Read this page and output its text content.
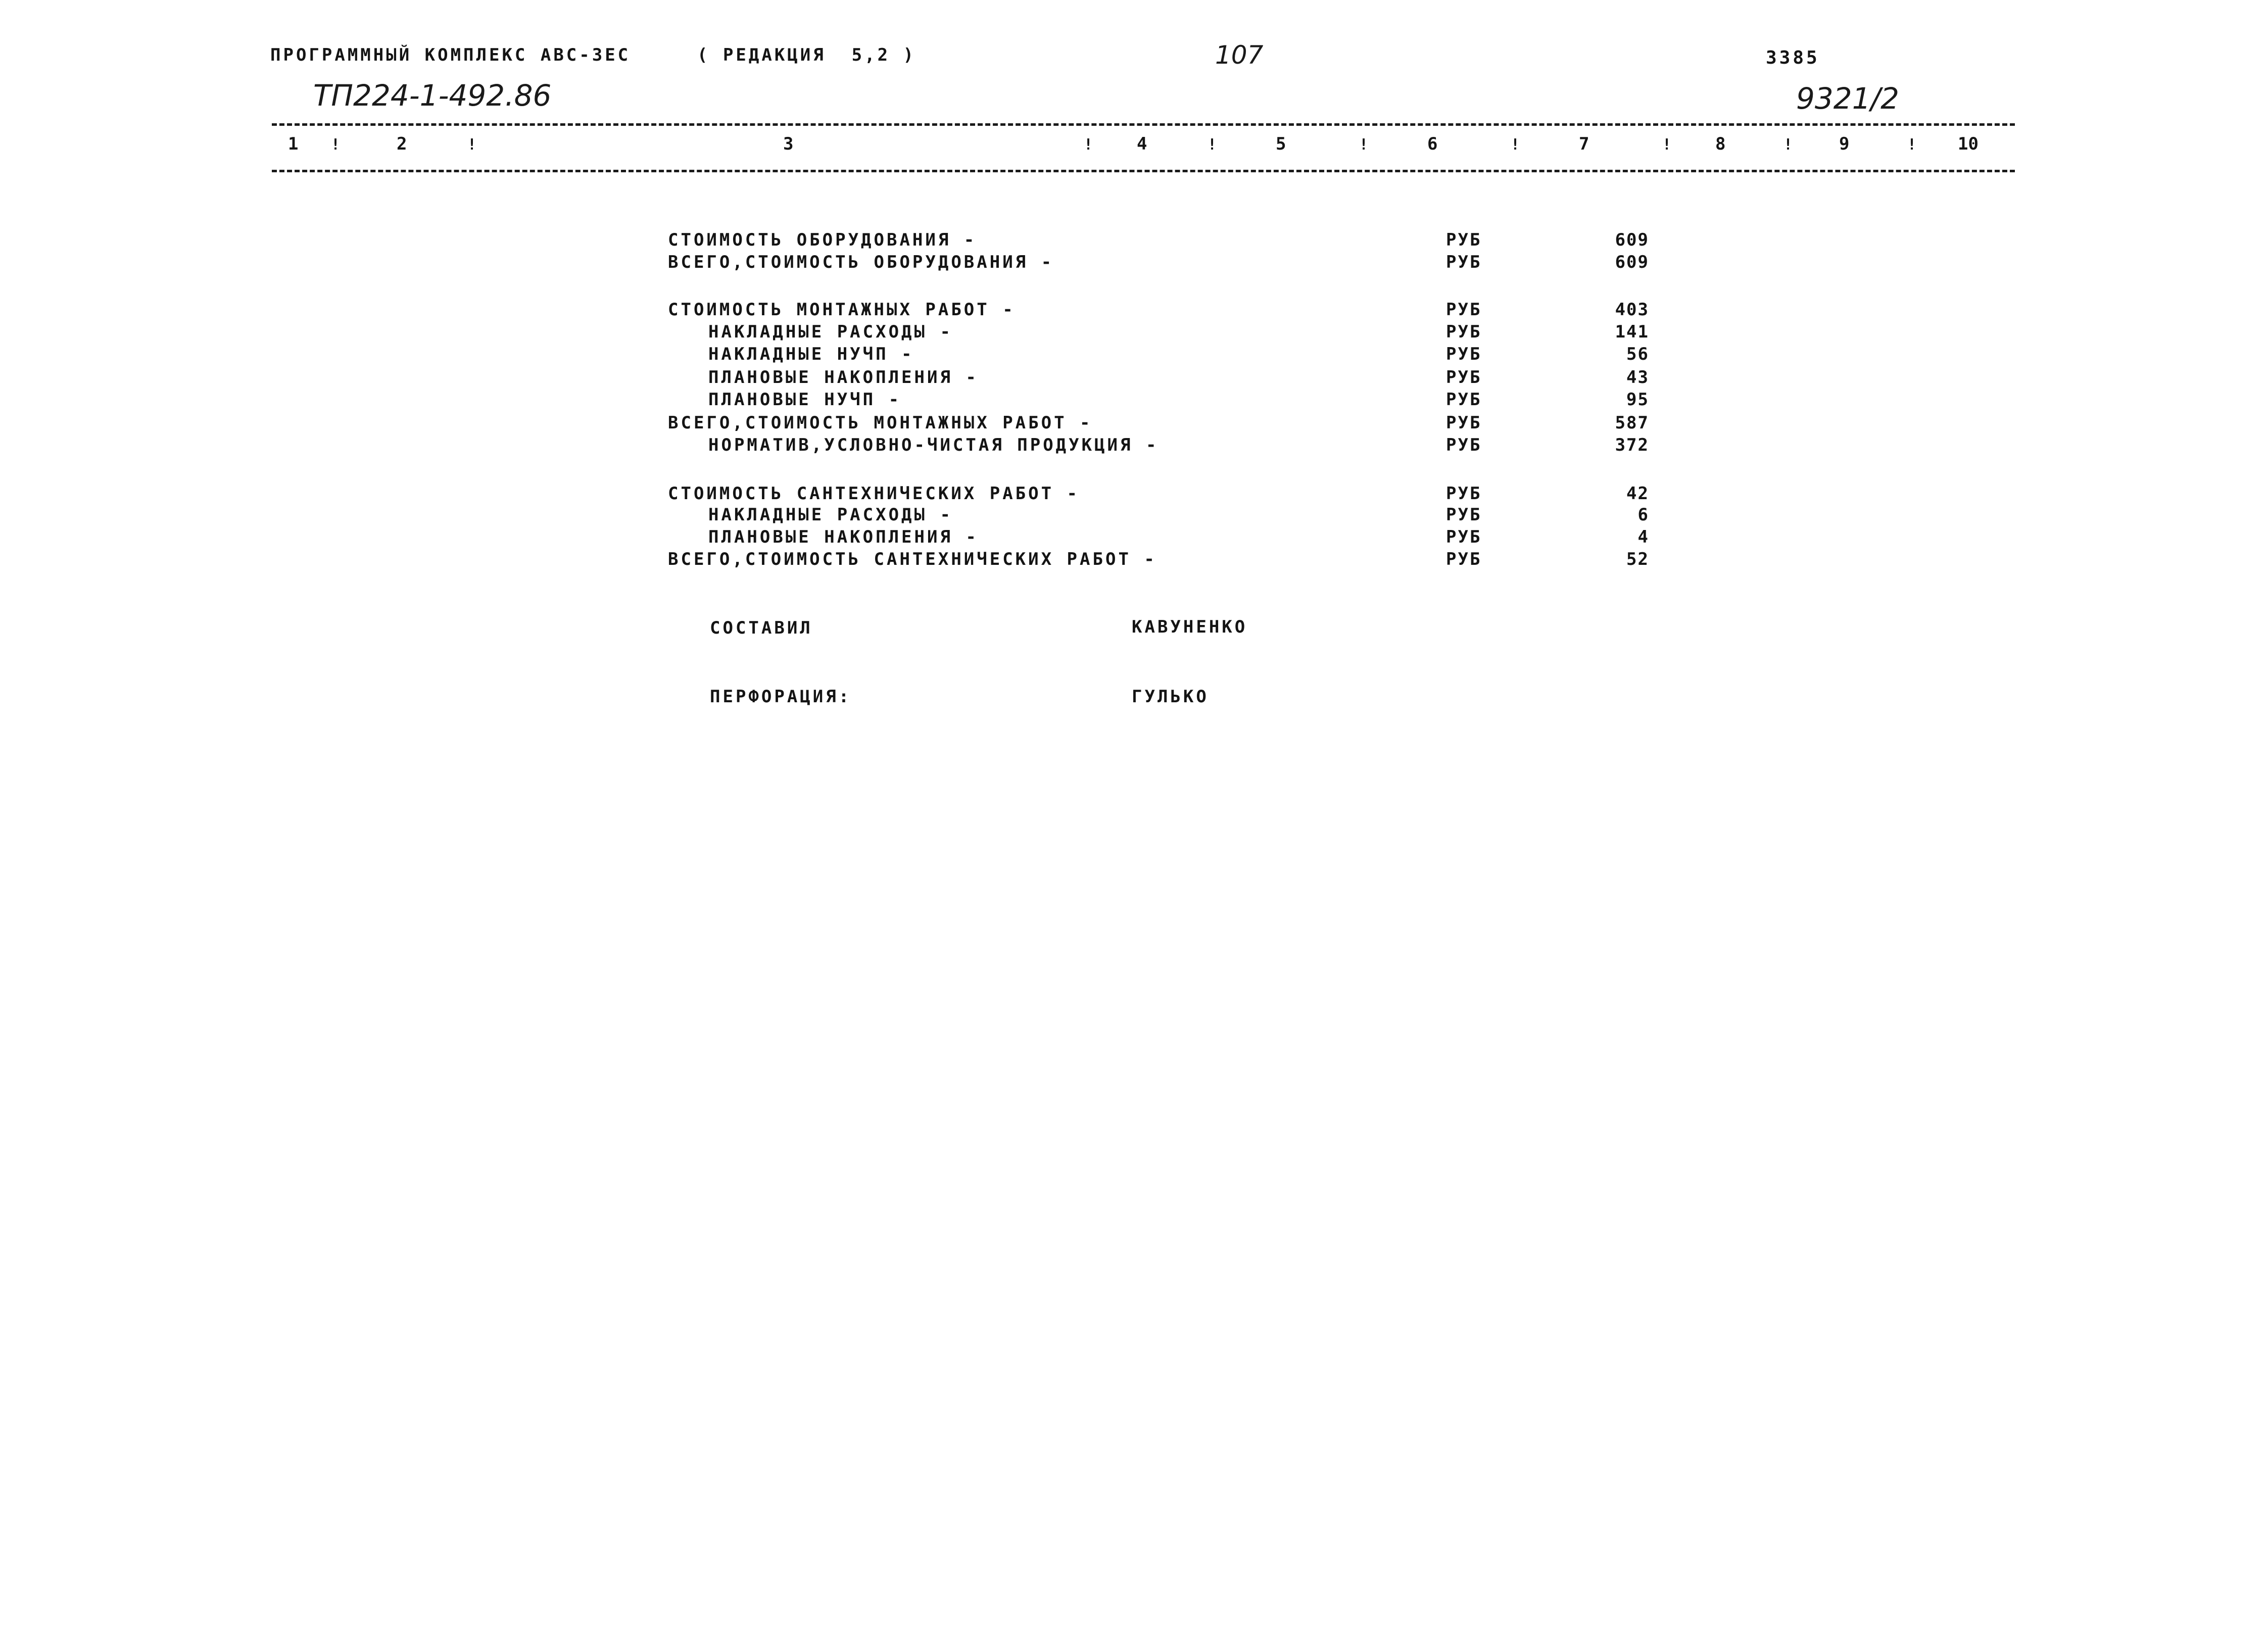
ПРОГРАММНЫЙ КОМПЛЕКС АВС-ЗЕС	( РЕДАКЦИЯ  5,2 )	107	3385
ТП224-1-492.86	9321/2
1 !	2	!	3	!	4	!	5	!	6	!	7	!	8	!	9	! 10
СТОИМОСТЬ ОБОРУДОВАНИЯ -	РУБ	609
ВСЕГО,СТОИМОСТЬ ОБОРУДОВАНИЯ -	РУБ	609
СТОИМОСТЬ МОНТАЖНЫХ РАБОТ -	РУБ	403
НАКЛАДНЫЕ РАСХОДЫ -	РУБ	141
НАКЛАДНЫЕ НУЧП -	РУБ	56
ПЛАНОВЫЕ НАКОПЛЕНИЯ -	РУБ	43
ПЛАНОВЫЕ НУЧП -	РУБ	95
ВСЕГО,СТОИМОСТЬ МОНТАЖНЫХ РАБОТ -	РУБ	587
НОРМАТИВ,УСЛОВНО-ЧИСТАЯ ПРОДУКЦИЯ -	РУБ	372
СТОИМОСТЬ САНТЕХНИЧЕСКИХ РАБОТ -	РУБ	42
НАКЛАДНЫЕ РАСХОДЫ -	РУБ	6
ПЛАНОВЫЕ НАКОПЛЕНИЯ -	РУБ	4
ВСЕГО,СТОИМОСТЬ САНТЕХНИЧЕСКИХ РАБОТ -	РУБ	52
СОСТАВИЛ	КАВУНЕНКО
ПЕРФОРАЦИЯ:	ГУЛЬКО
